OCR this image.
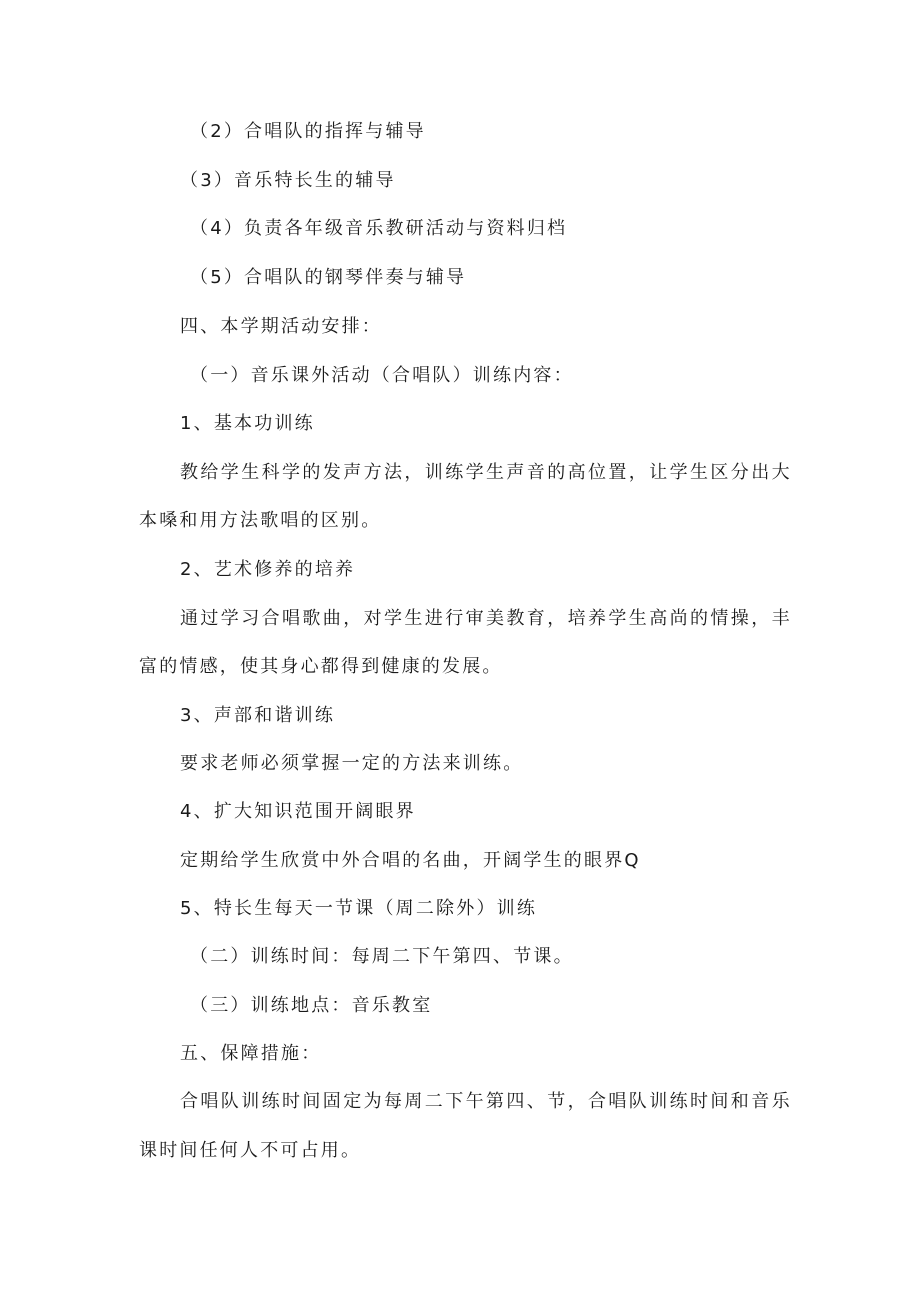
（2）合唱队的指挥与辅导

（3）音乐特长生的辅导

（4）负责各年级音乐教研活动与资料归档

（5）合唱队的钢琴伴奏与辅导

四、本学期活动安排：

（一）音乐课外活动（合唱队）训练内容：

1、基本功训练

教给学生科学的发声方法，训练学生声音的高位置，让学生区分出大

本嗓和用方法歌唱的区别。

2、艺术修养的培养

通过学习合唱歌曲，对学生进行审美教育，培养学生高尚的情操，丰

富的情感，使其身心都得到健康的发展。

3、声部和谐训练

要求老师必须掌握一定的方法来训练。

4、扩大知识范围开阔眼界

定期给学生欣赏中外合唱的名曲，开阔学生的眼界Q

5、特长生每天一节课（周二除外）训练

（二）训练时间：每周二下午第四、节课。

（三）训练地点：音乐教室

五、保障措施：

合唱队训练时间固定为每周二下午第四、节，合唱队训练时间和音乐

课时间任何人不可占用。
